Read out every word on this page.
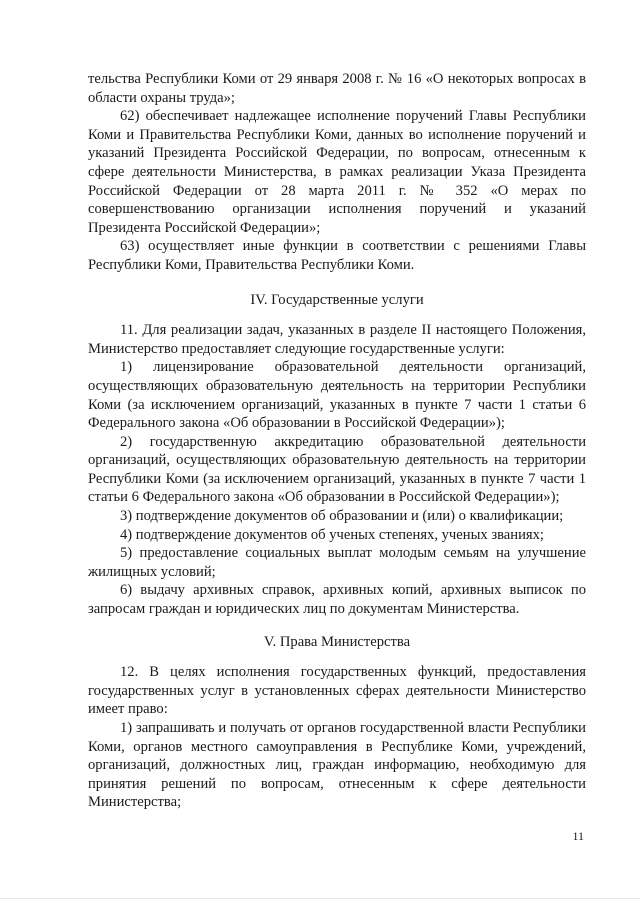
тельства Республики Коми от 29 января 2008 г. № 16 «О некоторых вопросах в области охраны труда»;

62) обеспечивает надлежащее исполнение поручений Главы Республики Коми и Правительства Республики Коми, данных во исполнение поручений и указаний Президента Российской Федерации, по вопросам, отнесенным к сфере деятельности Министерства, в рамках реализации Указа Президента Российской Федерации от 28 марта 2011 г. № 352 «О мерах по совершенствованию организации исполнения поручений и указаний Президента Российской Федерации»;

63) осуществляет иные функции в соответствии с решениями Главы Республики Коми, Правительства Республики Коми.

IV. Государственные услуги

11. Для реализации задач, указанных в разделе II настоящего Положения, Министерство предоставляет следующие государственные услуги:

1) лицензирование образовательной деятельности организаций, осуществляющих образовательную деятельность на территории Республики Коми (за исключением организаций, указанных в пункте 7 части 1 статьи 6 Федерального закона «Об образовании в Российской Федерации»);

2) государственную аккредитацию образовательной деятельности организаций, осуществляющих образовательную деятельность на территории Республики Коми (за исключением организаций, указанных в пункте 7 части 1 статьи 6 Федерального закона «Об образовании в Российской Федерации»);

3) подтверждение документов об образовании и (или) о квалификации;

4) подтверждение документов об ученых степенях, ученых званиях;

5) предоставление социальных выплат молодым семьям на улучшение жилищных условий;

6) выдачу архивных справок, архивных копий, архивных выписок по запросам граждан и юридических лиц по документам Министерства.

V. Права Министерства

12. В целях исполнения государственных функций, предоставления государственных услуг в установленных сферах деятельности Министерство имеет право:

1) запрашивать и получать от органов государственной власти Республики Коми, органов местного самоуправления в Республике Коми, учреждений, организаций, должностных лиц, граждан информацию, необходимую для принятия решений по вопросам, отнесенным к сфере деятельности Министерства;

11
